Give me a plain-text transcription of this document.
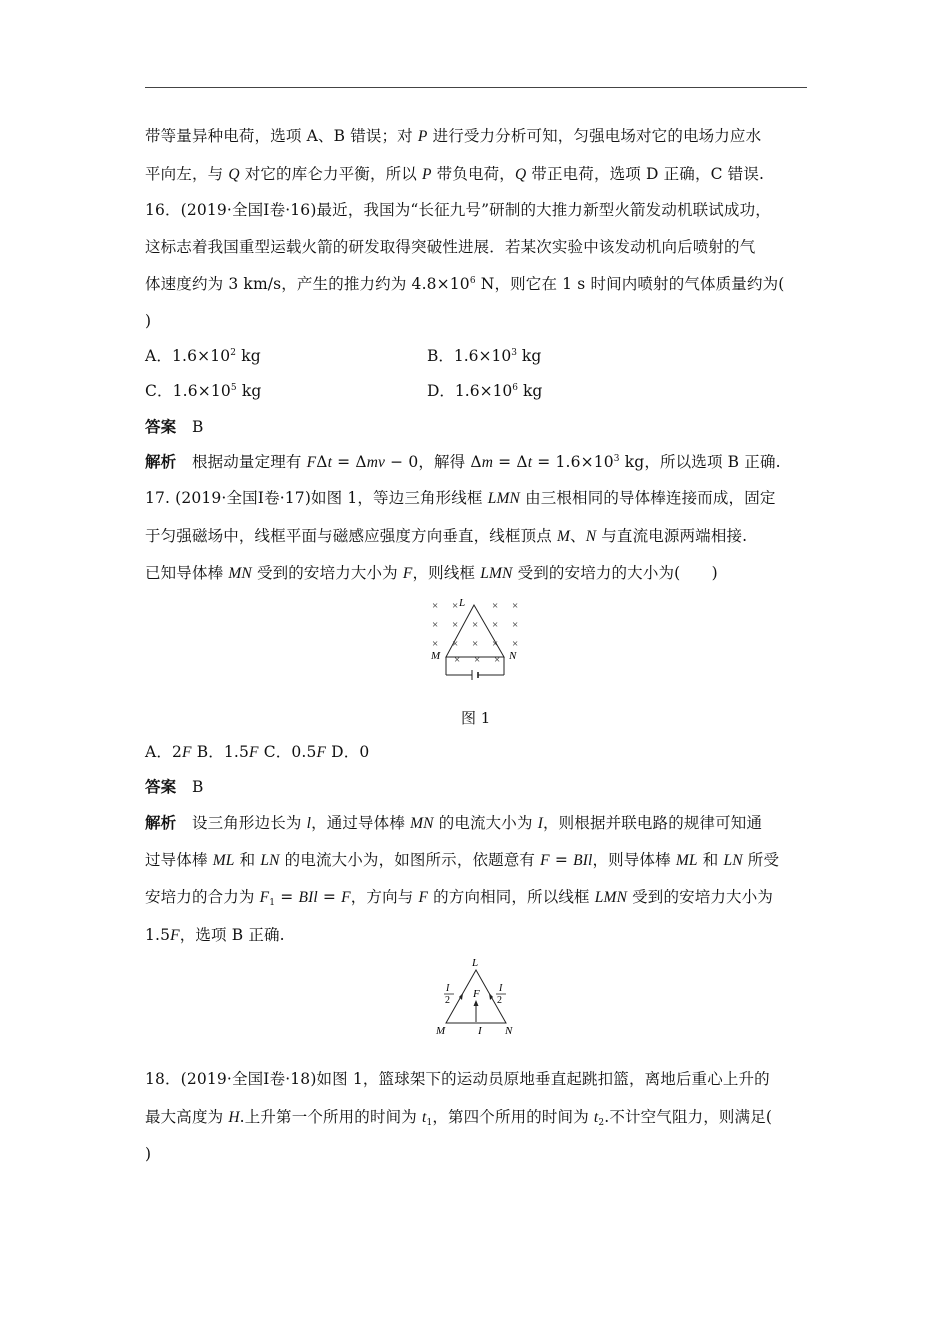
带等量异种电荷，选项 A、B 错误；对 P 进行受力分析可知，匀强电场对它的电场力应水
平向左，与 Q 对它的库仑力平衡，所以 P 带负电荷，Q 带正电荷，选项 D 正确，C 错误.
16．(2019·全国Ⅰ卷·16)最近，我国为“长征九号”研制的大推力新型火箭发动机联试成功，
这标志着我国重型运载火箭的研发取得突破性进展．若某次实验中该发动机向后喷射的气
体速度约为 3 km/s，产生的推力约为 $4.8\times 10^6$ N，则它在 1 s 时间内喷射的气体质量约为(
)
A．$1.6\times 10^2$ kg	B．$1.6\times 10^3$ kg
C．$1.6\times 10^5$ kg	D．$1.6\times 10^6$ kg
答案　 B
解析　 根据动量定理有 FΔt = Δmv − 0，解得 $\Delta m = \Delta t = 1.6\times 10^3$ kg，所以选项 B 正确.
17. (2019·全国Ⅰ卷·17)如图 1，等边三角形线框 LMN 由三根相同的导体棒连接而成，固定
于匀强磁场中，线框平面与磁感应强度方向垂直，线框顶点 M、N 与直流电源两端相接.
已知导体棒 MN 受到的安培力大小为 F，则线框 LMN 受到的安培力的大小为(　　)
× ×	× ×
× × × × ×
× × × × ×
× × ×
L
M	N
图 1
A．2F B．1.5F C．0.5F D．0
答案　 B
解析　 设三角形边长为 l，通过导体棒 MN 的电流大小为 I，则根据并联电路的规律可知通
过导体棒 ML 和 LN 的电流大小为，如图所示，依题意有 F = BIl，则导体棒 ML 和 LN 所受
安培力的合力为 $F_1$ = BIl = F，方向与 F 的方向相同，所以线框 LMN 受到的安培力大小为
1.5F，选项 B 正确.
L
M	N
I
F
I
2
I
2
18．(2019·全国Ⅰ卷·18)如图 1，篮球架下的运动员原地垂直起跳扣篮，离地后重心上升的
最大高度为 H.上升第一个所用的时间为 $t_1$，第四个所用的时间为 $t_2$.不计空气阻力，则满足(
)
